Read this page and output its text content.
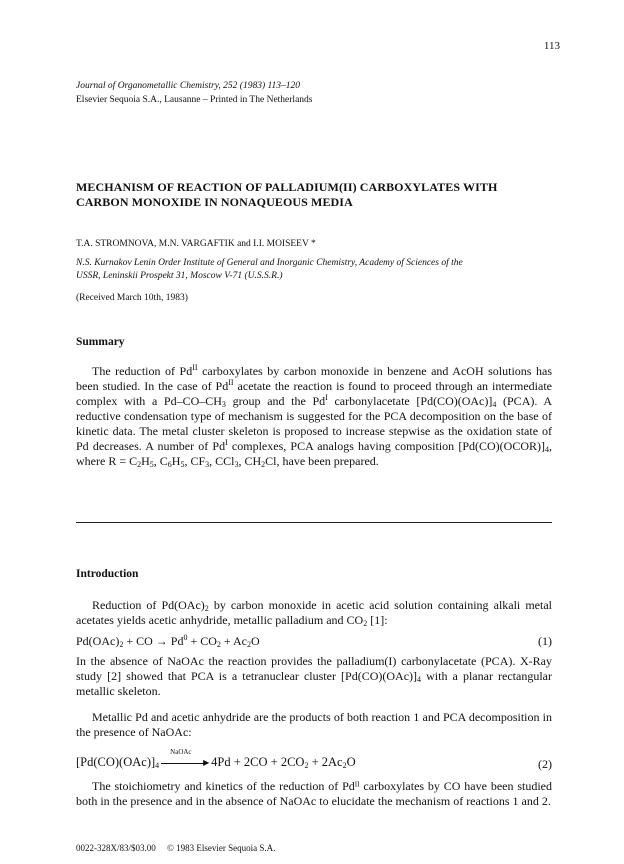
113
Journal of Organometallic Chemistry, 252 (1983) 113–120
Elsevier Sequoia S.A., Lausanne – Printed in The Netherlands
MECHANISM OF REACTION OF PALLADIUM(II) CARBOXYLATES WITH
CARBON MONOXIDE IN NONAQUEOUS MEDIA
T.A. STROMNOVA, M.N. VARGAFTIK and I.I. MOISEEV *
N.S. Kurnakov Lenin Order Institute of General and Inorganic Chemistry, Academy of Sciences of the
USSR, Leninskii Prospekt 31, Moscow V-71 (U.S.S.R.)
(Received March 10th, 1983)
Summary
The reduction of $Pd^{II}$ carboxylates by carbon monoxide in benzene and AcOH solutions has been studied. In the case of $Pd^{II}$ acetate the reaction is found to proceed through an intermediate complex with a $Pd-CO-CH_3$ group and the $Pd^I$ carbonylacetate $[Pd(CO)(OAc)]_4$ (PCA). A reductive condensation type of mechanism is suggested for the PCA decomposition on the base of kinetic data. The metal cluster skeleton is proposed to increase stepwise as the oxidation state of Pd decreases. A number of $Pd^I$ complexes, PCA analogs having composition $[Pd(CO)(OCOR)]_4$, where $R = C_2H_5$, $C_6H_5$, $CF_3$, CCl$_3$, $CH_2Cl$, have been prepared.
Introduction
Reduction of $Pd(OAc)_2$ by carbon monoxide in acetic acid solution containing alkali metal acetates yields acetic anhydride, metallic palladium and $CO_2$ [1]:
$Pd(OAc)_2$ + CO → $Pd^0 + CO_2 + Ac_2O$	(1)
In the absence of NaOAc the reaction provides the palladium(I) carbonylacetate (PCA). X-Ray study [2] showed that PCA is a tetranuclear cluster $[Pd(CO)(OAc)]_4$ with a planar rectangular metallic skeleton.
Metallic Pd and acetic anhydride are the products of both reaction 1 and PCA decomposition in the presence of NaOAc:
$[Pd(CO)(OAc)]_4$
NaOAc
▶ $4Pd + 2CO + 2CO_2 + 2Ac_2O$	(2)
The stoichiometry and kinetics of the reduction of Pdᴵᴵ carboxylates by CO have been studied both in the presence and in the absence of NaOAc to elucidate the mechanism of reactions 1 and 2.
0022-328X/83/$03.00     © 1983 Elsevier Sequoia S.A.
